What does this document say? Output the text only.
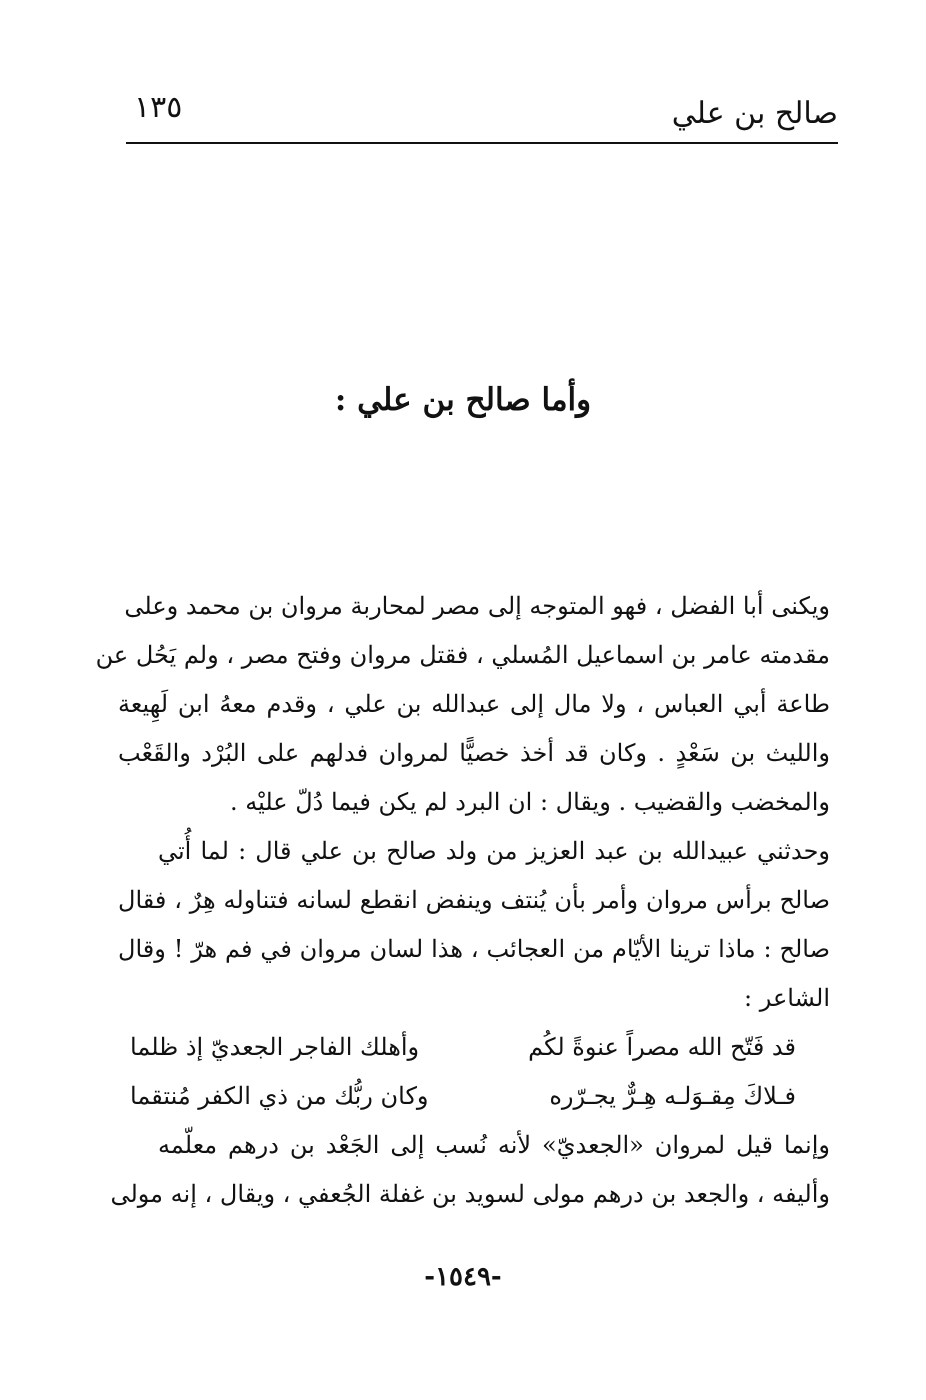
صالح بن علي
١٣٥
وأما صالح بن علي :
ويكنى أبا الفضل ، فهو المتوجه إلى مصر لمحاربة مروان بن محمد وعلى
مقدمته عامر بن اسماعيل المُسلي ، فقتل مروان وفتح مصر ، ولم يَحُل عن
طاعة أبي العباس ، ولا مال إلى عبدالله بن علي ، وقدم معهُ ابن لَهِيعة
والليث بن سَعْدٍ . وكان قد أخذ خصيًّا لمروان فدلهم على البُرْد والقَعْب
والمخضب والقضيب . ويقال : ان البرد لم يكن فيما دُلّ عليْه .
وحدثني عبيدالله بن عبد العزيز من ولد صالح بن علي قال : لما أُتي
صالح برأس مروان وأمر بأن يُنتف وينفض انقطع لسانه فتناوله هِرٌ ، فقال
صالح : ماذا ترينا الأيّام من العجائب ، هذا لسان مروان في فم هرّ ! وقال
الشاعر :
قد فَتّح الله مصراً عنوةً لكُم
وأهلك الفاجر الجعديّ إذ ظلما
فـلاكَ مِقـوَلـه هِـرٌّ يجـرّره
وكان ربُّك من ذي الكفر مُنتقما
وإنما قيل لمروان «الجعديّ» لأنه نُسب إلى الجَعْد بن درهم معلّمه
وأليفه ، والجعد بن درهم مولى لسويد بن غفلة الجُعفي ، ويقال ، إنه مولى
-١٥٤٩-
